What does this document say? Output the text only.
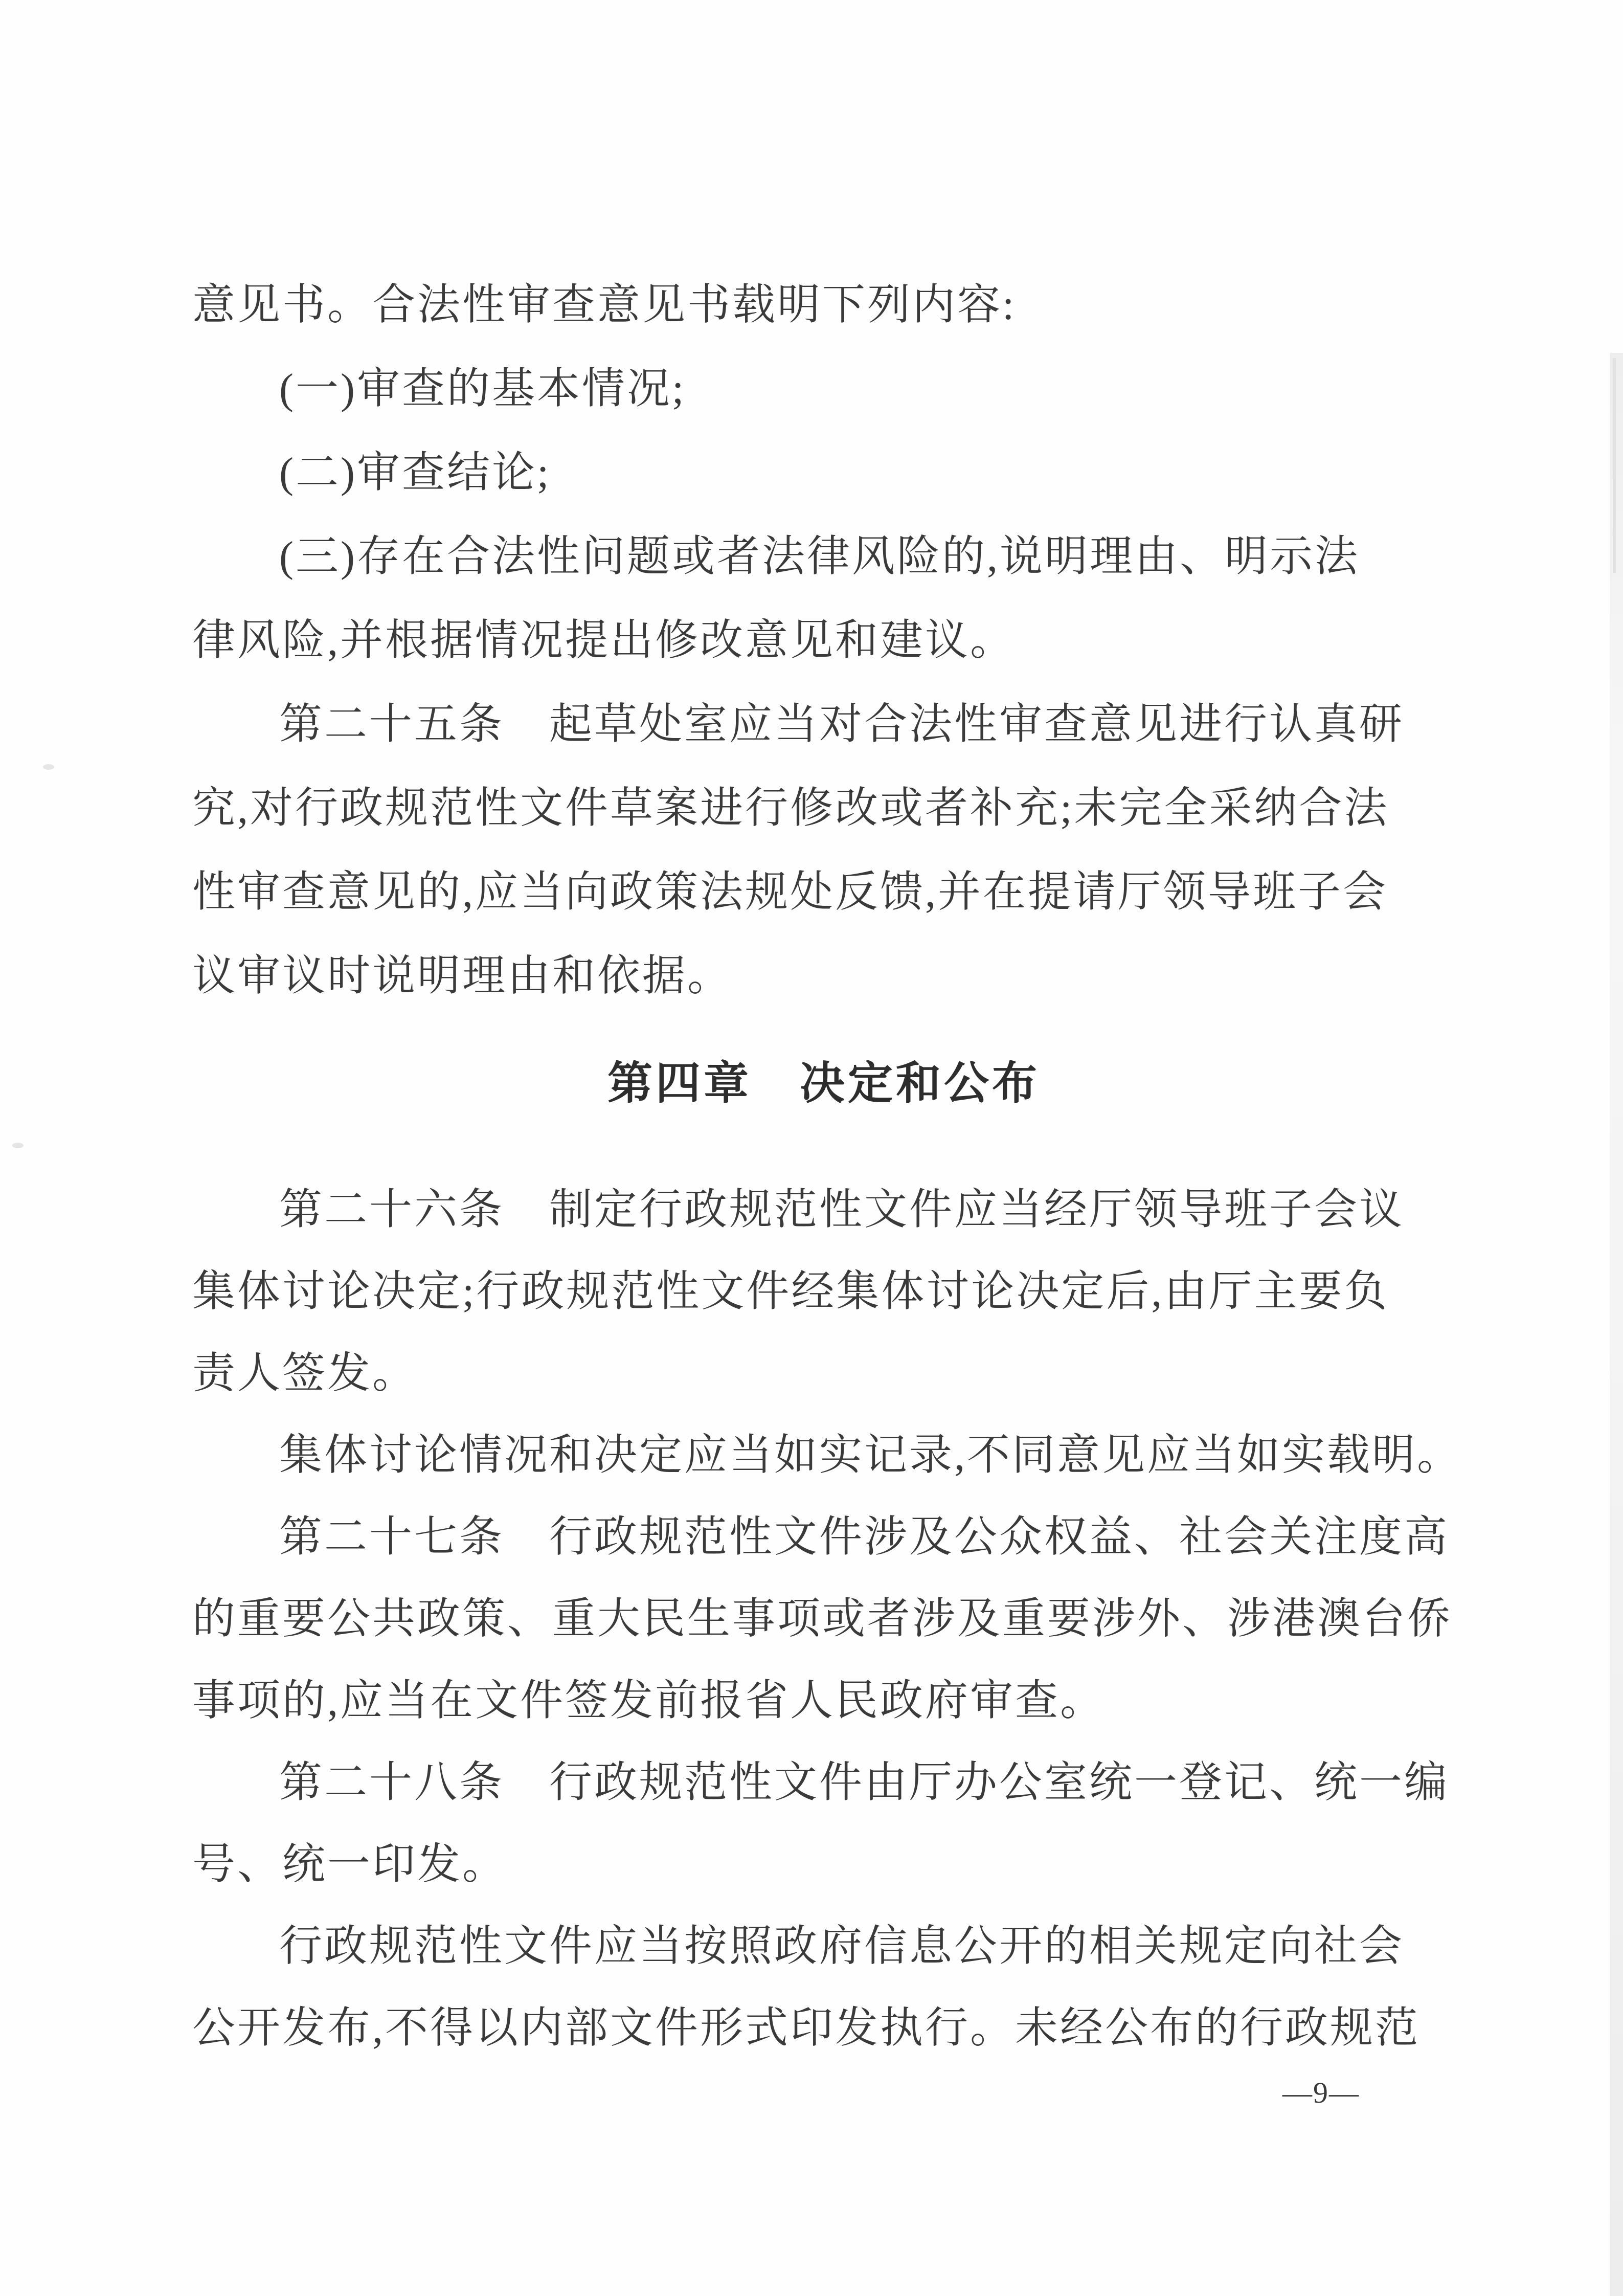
意见书。合法性审查意见书载明下列内容:
(一)审查的基本情况;
(二)审查结论;
(三)存在合法性问题或者法律风险的,说明理由、明示法
律风险,并根据情况提出修改意见和建议。
第二十五条　起草处室应当对合法性审查意见进行认真研
究,对行政规范性文件草案进行修改或者补充;未完全采纳合法
性审查意见的,应当向政策法规处反馈,并在提请厅领导班子会
议审议时说明理由和依据。
第四章　决定和公布
第二十六条　制定行政规范性文件应当经厅领导班子会议
集体讨论决定;行政规范性文件经集体讨论决定后,由厅主要负
责人签发。
集体讨论情况和决定应当如实记录,不同意见应当如实载明。
第二十七条　行政规范性文件涉及公众权益、社会关注度高
的重要公共政策、重大民生事项或者涉及重要涉外、涉港澳台侨
事项的,应当在文件签发前报省人民政府审查。
第二十八条　行政规范性文件由厅办公室统一登记、统一编
号、统一印发。
行政规范性文件应当按照政府信息公开的相关规定向社会
公开发布,不得以内部文件形式印发执行。未经公布的行政规范
—9—
